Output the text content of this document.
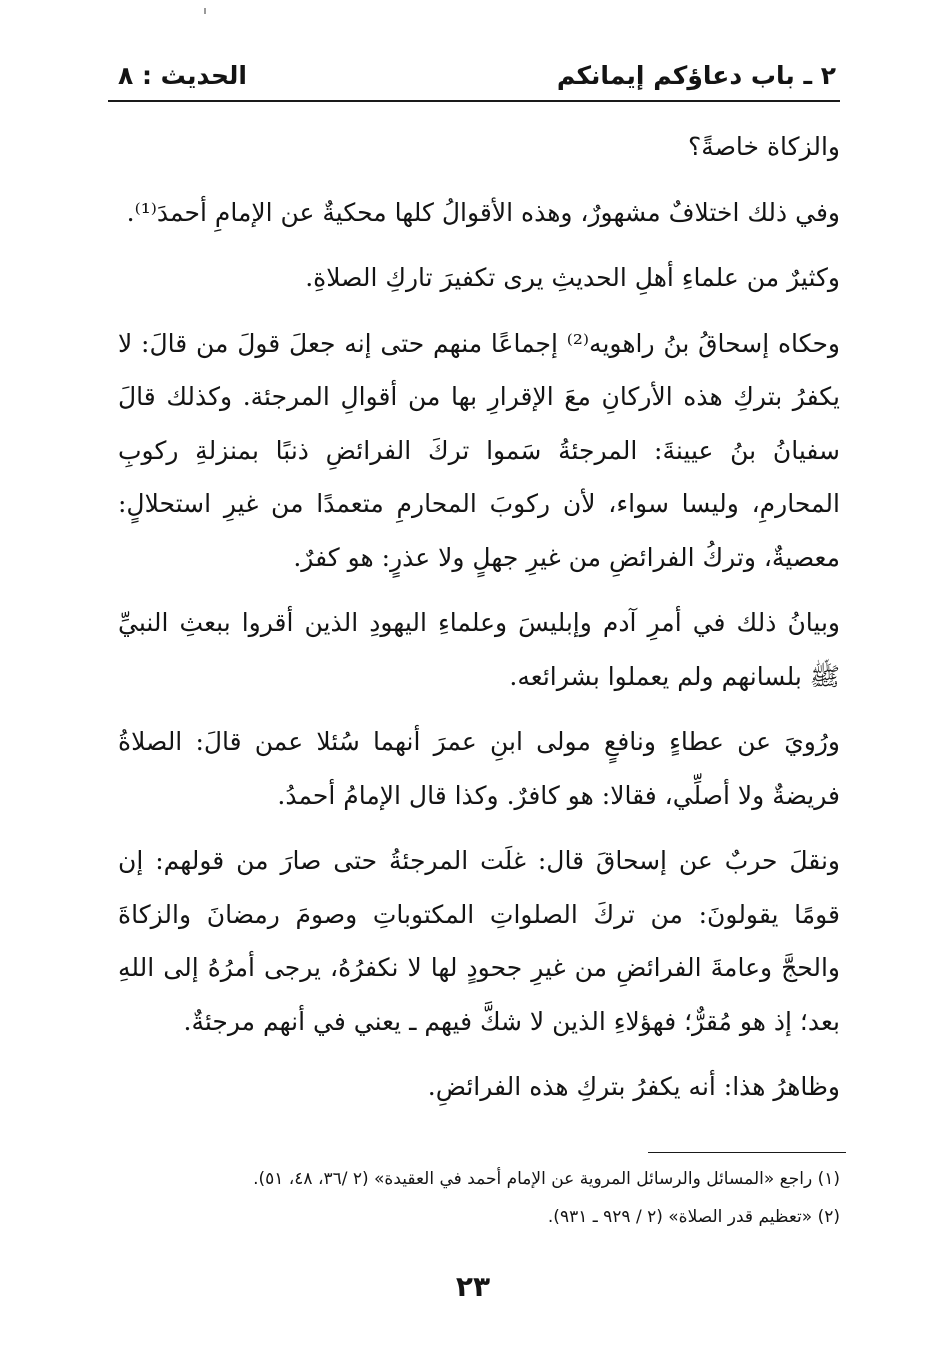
٢ ـ باب دعاؤكم إيمانكم
الحديث : ٨

والزكاة خاصةً؟

وفي ذلك اختلافٌ مشهورٌ، وهذه الأقوالُ كلها محكيةٌ عن الإمامِ أحمدَ⁽¹⁾.

وكثيرٌ من علماءِ أهلِ الحديثِ يرى تكفيرَ تاركِ الصلاةِ.

وحكاه إسحاقُ بنُ راهويه⁽²⁾ إجماعًا منهم حتى إنه جعلَ قولَ من قالَ: لا يكفرُ بتركِ هذه الأركانِ معَ الإقرارِ بها من أقوالِ المرجئة. وكذلك قالَ سفيانُ بنُ عيينةَ: المرجئةُ سَموا تركَ الفرائضِ ذنبًا بمنزلةِ ركوبِ المحارمِ، وليسا سواء، لأن ركوبَ المحارمِ متعمدًا من غيرِ استحلالٍ: معصيةٌ، وتركُ الفرائضِ من غيرِ جهلٍ ولا عذرٍ: هو كفرٌ.

وبيانُ ذلك في أمرِ آدم وإبليسَ وعلماءِ اليهودِ الذين أقروا ببعثِ النبيِّ ﷺ بلسانهم ولم يعملوا بشرائعه.

ورُويَ عن عطاءٍ ونافعٍ مولى ابنِ عمرَ أنهما سُئلا عمن قالَ: الصلاةُ فريضةٌ ولا أصلِّي، فقالا: هو كافرٌ. وكذا قال الإمامُ أحمدُ.

ونقلَ حربٌ عن إسحاقَ قال: غلَت المرجئةُ حتى صارَ من قولهم: إن قومًا يقولونَ: من تركَ الصلواتِ المكتوباتِ وصومَ رمضانَ والزكاةَ والحجَّ وعامةَ الفرائضِ من غيرِ جحودٍ لها لا نكفرُهُ، يرجى أمرُهُ إلى اللهِ بعد؛ إذ هو مُقرٌّ؛ فهؤلاءِ الذين لا شكَّ فيهم ـ يعني في أنهم مرجئةٌ.

وظاهرُ هذا: أنه يكفرُ بتركِ هذه الفرائضِ.

(١) راجع «المسائل والرسائل المروية عن الإمام أحمد في العقيدة» (٢ /٣٦، ٤٨، ٥١).
(٢) «تعظيم قدر الصلاة» (٢ / ٩٢٩ ـ ٩٣١).
٢٣
